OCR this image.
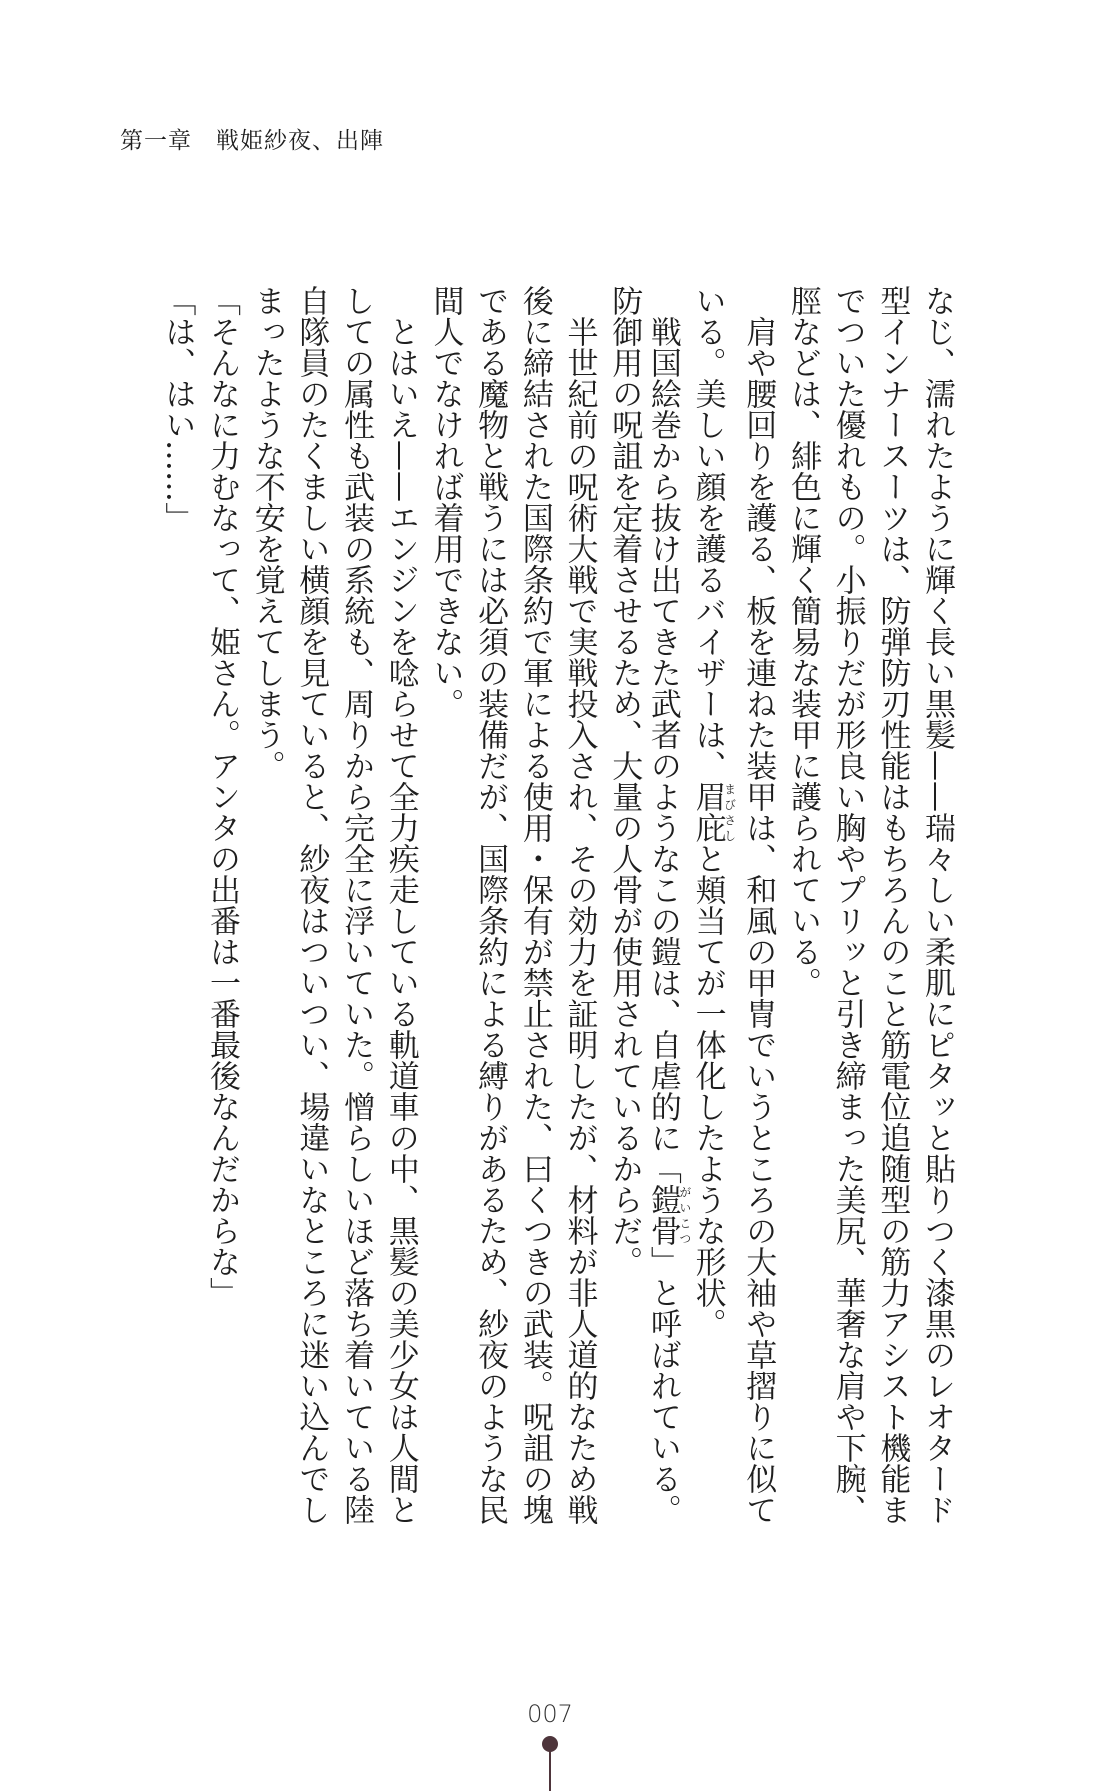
第一章　戦姫紗夜、出陣
なじ、濡れたように輝く長い黒髪——瑞々しい柔肌にピタッと貼りつく漆黒のレオタード
型インナースーツは、防弾防刃性能はもちろんのこと筋電位追随型の筋力アシスト機能ま
でついた優れもの。小振りだが形良い胸やプリッと引き締まった美尻、華奢な肩や下腕、
脛などは、緋色に輝く簡易な装甲に護られている。
　肩や腰回りを護る、板を連ねた装甲は、和風の甲冑でいうところの大袖や草摺りに似て
いる。美しい顔を護るバイザーは、眉庇まびさしと頬当てが一体化したような形状。
　戦国絵巻から抜け出てきた武者のようなこの鎧は、自虐的に「鎧骨がいこつ」と呼ばれている。
防御用の呪詛を定着させるため、大量の人骨が使用されているからだ。
　半世紀前の呪術大戦で実戦投入され、その効力を証明したが、材料が非人道的なため戦
後に締結された国際条約で軍による使用・保有が禁止された、曰くつきの武装。呪詛の塊
である魔物と戦うには必須の装備だが、国際条約による縛りがあるため、紗夜のような民
間人でなければ着用できない。
　とはいえ——エンジンを唸らせて全力疾走している軌道車の中、黒髪の美少女は人間と
しての属性も武装の系統も、周りから完全に浮いていた。憎らしいほど落ち着いている陸
自隊員のたくましい横顔を見ていると、紗夜はついつい、場違いなところに迷い込んでし
まったような不安を覚えてしまう。
「そんなに力むなって、姫さん。アンタの出番は一番最後なんだからな」
「は、はい……」
007
